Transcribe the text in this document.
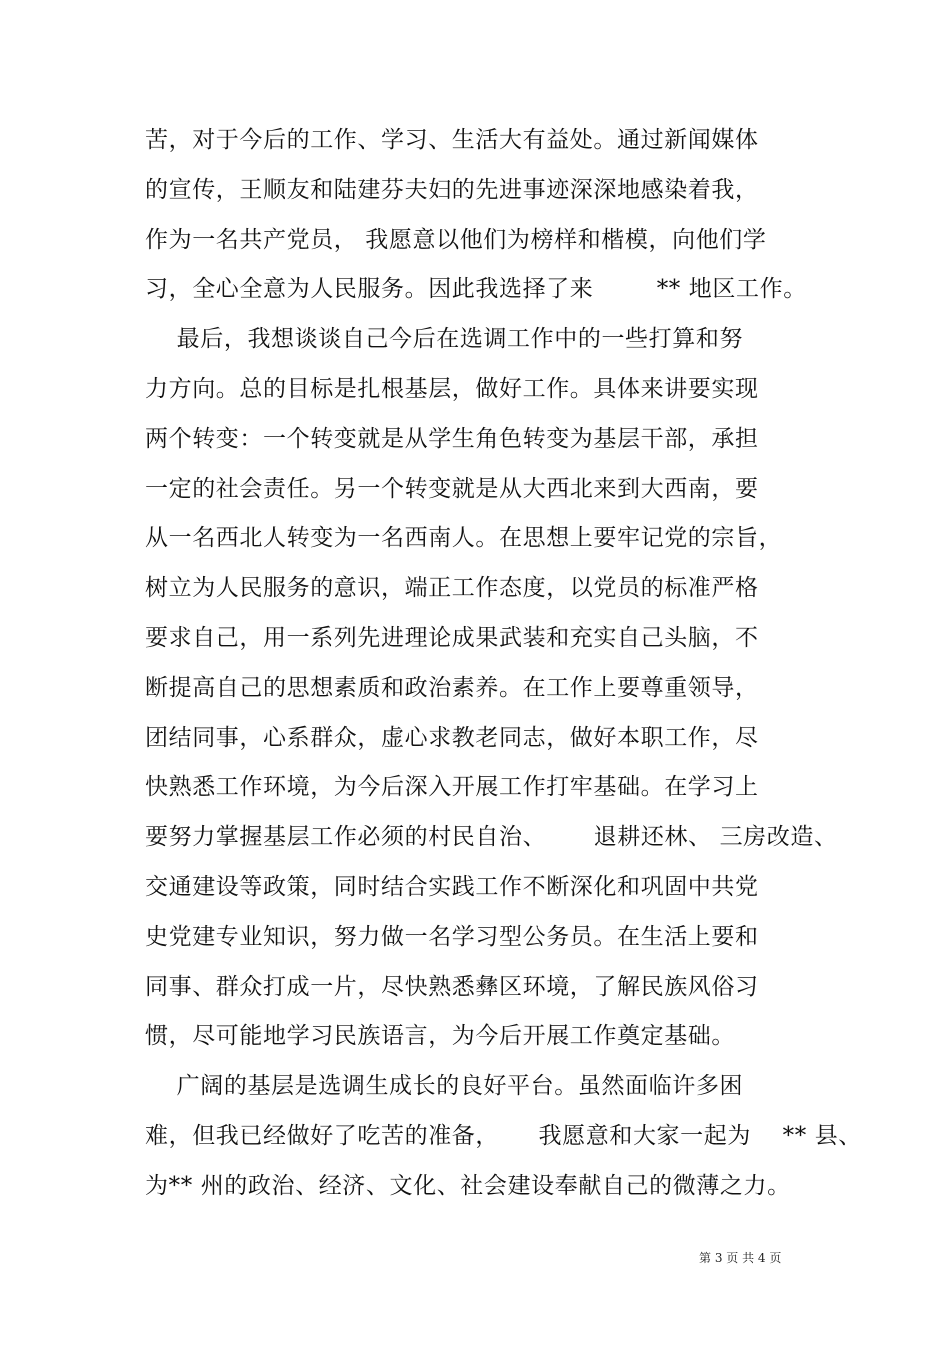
苦，对于今后的工作、学习、生活大有益处。通过新闻媒体
的宣传，王顺友和陆建芬夫妇的先进事迹深深地感染着我，
作为一名共产党员， 我愿意以他们为榜样和楷模，向他们学
习，全心全意为人民服务。因此我选择了来        ** 地区工作。
最后，我想谈谈自己今后在选调工作中的一些打算和努
力方向。总的目标是扎根基层，做好工作。具体来讲要实现
两个转变：一个转变就是从学生角色转变为基层干部，承担
一定的社会责任。另一个转变就是从大西北来到大西南，要
从一名西北人转变为一名西南人。在思想上要牢记党的宗旨，
树立为人民服务的意识，端正工作态度，以党员的标准严格
要求自己，用一系列先进理论成果武装和充实自己头脑，不
断提高自己的思想素质和政治素养。在工作上要尊重领导，
团结同事，心系群众，虚心求教老同志，做好本职工作，尽
快熟悉工作环境，为今后深入开展工作打牢基础。在学习上
要努力掌握基层工作必须的村民自治、      退耕还林、 三房改造、
交通建设等政策，同时结合实践工作不断深化和巩固中共党
史党建专业知识，努力做一名学习型公务员。在生活上要和
同事、群众打成一片，尽快熟悉彝区环境，了解民族风俗习
惯，尽可能地学习民族语言，为今后开展工作奠定基础。
广阔的基层是选调生成长的良好平台。虽然面临许多困
难，但我已经做好了吃苦的准备，     我愿意和大家一起为    ** 县、
为** 州的政治、经济、文化、社会建设奉献自己的微薄之力。
第 3 页 共 4 页
